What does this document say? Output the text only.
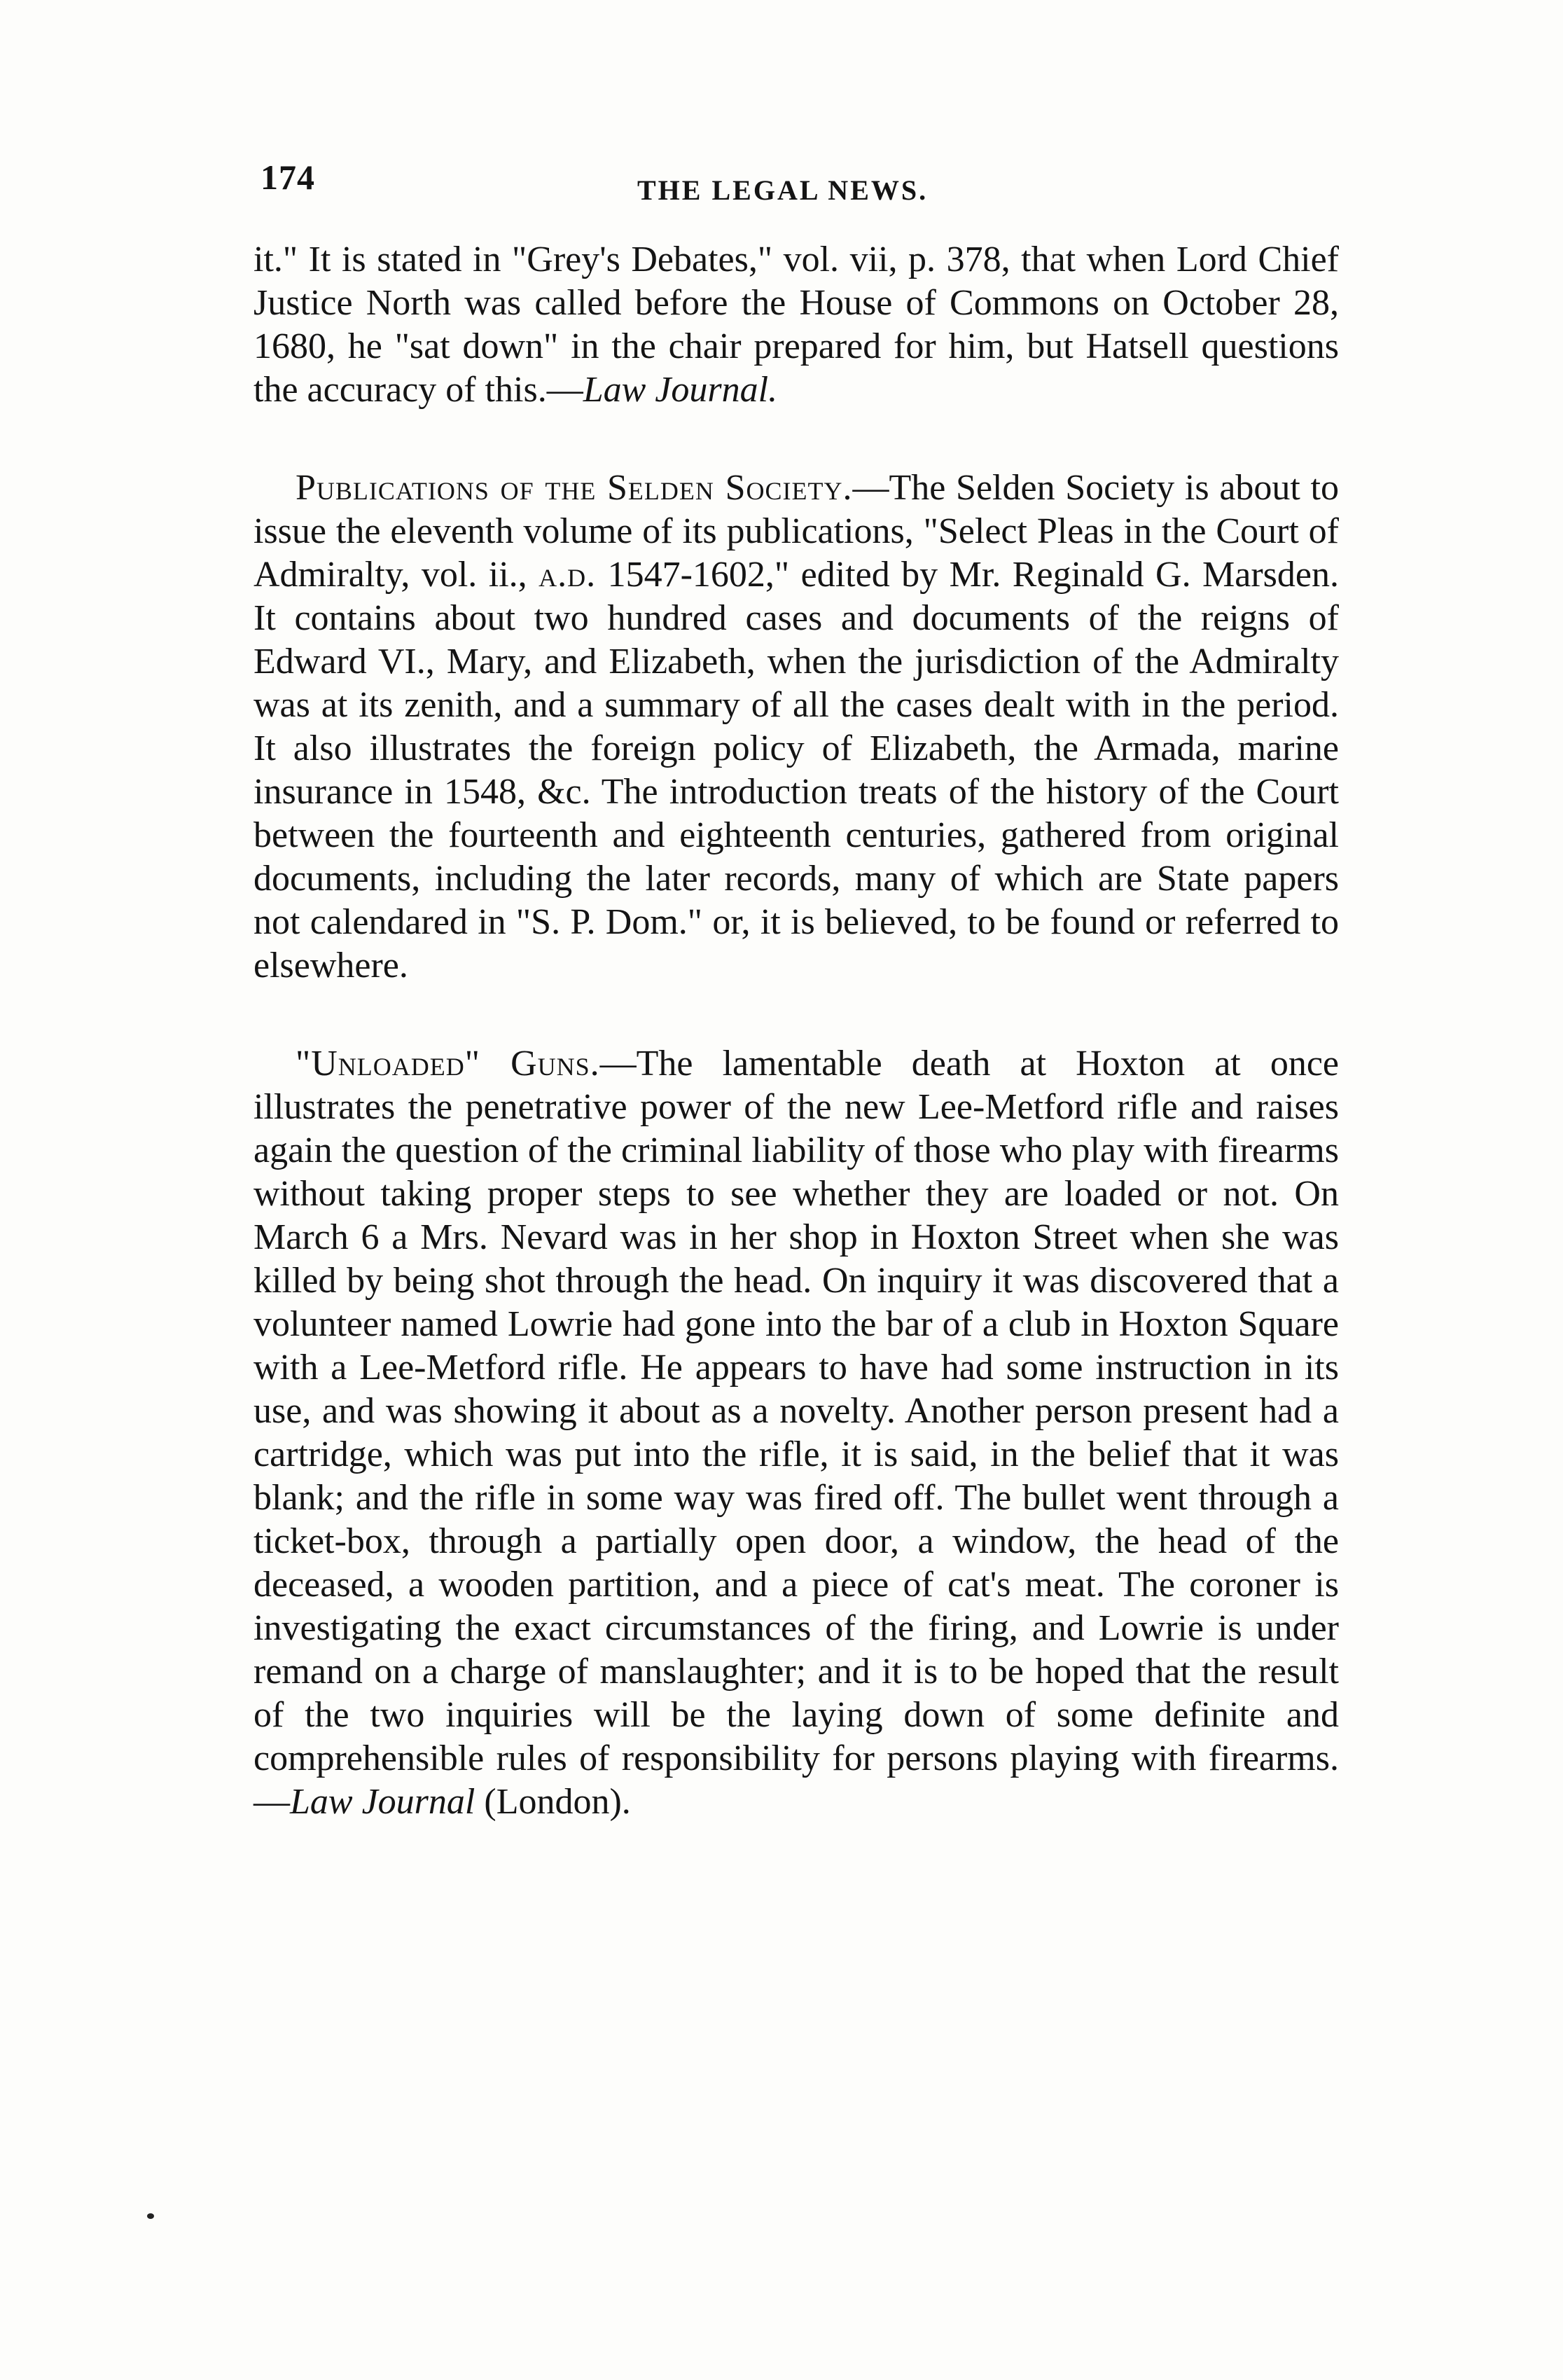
174	THE LEGAL NEWS.

it." It is stated in "Grey's Debates," vol. vii, p. 378, that when Lord Chief Justice North was called before the House of Commons on October 28, 1680, he "sat down" in the chair prepared for him, but Hatsell questions the accuracy of this.—Law Journal.

Publications of the Selden Society.—The Selden Society is about to issue the eleventh volume of its publications, "Select Pleas in the Court of Admiralty, vol. ii., a.d. 1547-1602," edited by Mr. Reginald G. Marsden. It contains about two hundred cases and documents of the reigns of Edward VI., Mary, and Elizabeth, when the jurisdiction of the Admiralty was at its zenith, and a summary of all the cases dealt with in the period. It also illustrates the foreign policy of Elizabeth, the Armada, marine insurance in 1548, &c. The introduction treats of the history of the Court between the fourteenth and eighteenth centuries, gathered from original documents, including the later records, many of which are State papers not calendared in "S. P. Dom." or, it is believed, to be found or referred to elsewhere.

"Unloaded" Guns.—The lamentable death at Hoxton at once illustrates the penetrative power of the new Lee-Metford rifle and raises again the question of the criminal liability of those who play with firearms without taking proper steps to see whether they are loaded or not. On March 6 a Mrs. Nevard was in her shop in Hoxton Street when she was killed by being shot through the head. On inquiry it was discovered that a volunteer named Lowrie had gone into the bar of a club in Hoxton Square with a Lee-Metford rifle. He appears to have had some instruction in its use, and was showing it about as a novelty. Another person present had a cartridge, which was put into the rifle, it is said, in the belief that it was blank; and the rifle in some way was fired off. The bullet went through a ticket-box, through a partially open door, a window, the head of the deceased, a wooden partition, and a piece of cat's meat. The coroner is investigating the exact circumstances of the firing, and Lowrie is under remand on a charge of manslaughter; and it is to be hoped that the result of the two inquiries will be the laying down of some definite and comprehensible rules of responsibility for persons playing with firearms.—Law Journal (London).
